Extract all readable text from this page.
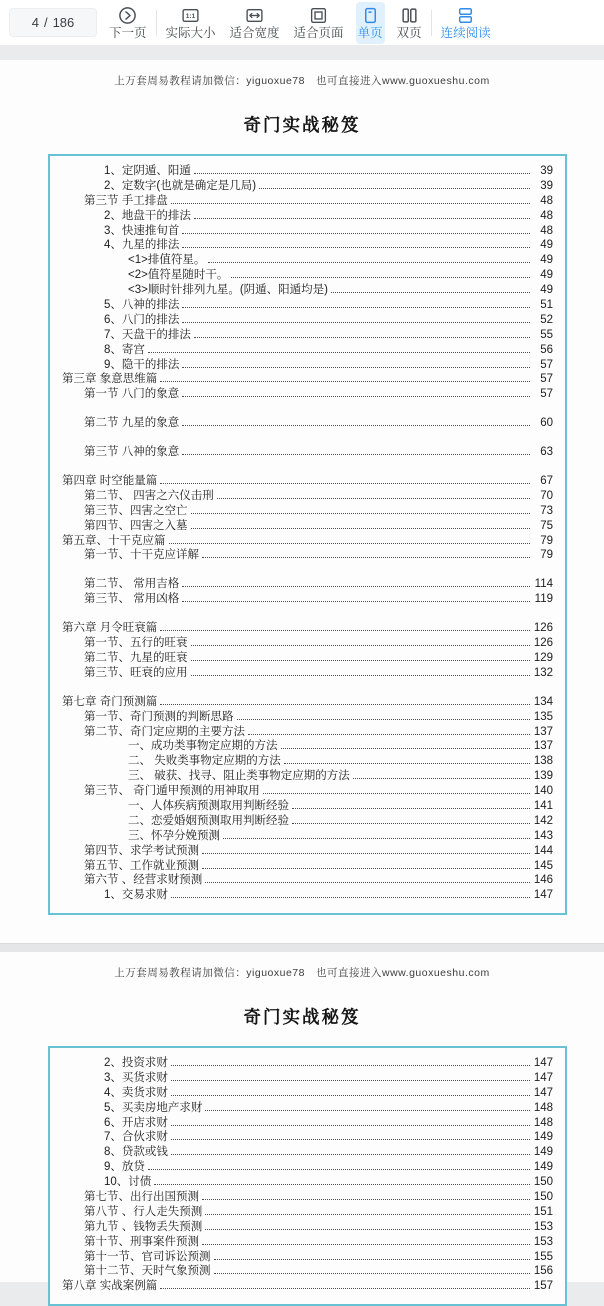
4 / 186
下一页
1:1
实际大小 适合宽度 适合页面 单页 双页 连续阅读
上万套周易教程请加微信：yiguoxue78　也可直接进入www.guoxueshu.com
奇门实战秘笈
1、定阴遁、阳遁	39
2、定数字(也就是确定是几局)	39
第三节 手工排盘	48
2、地盘干的排法	48
3、快速推旬首	48
4、九星的排法	49
<1>排值符星。	49
<2>值符星随时干。	49
<3>顺时针排列九星。(阴遁、阳遁均是)	49
5、八神的排法	51
6、八门的排法	52
7、天盘干的排法	55
8、寄宫	56
9、隐干的排法	57
第三章 象意思维篇	57
第一节 八门的象意	57
第二节 九星的象意	60
第三节 八神的象意	63
第四章 时空能量篇	67
第二节、 四害之六仪击刑	70
第三节、四害之空亡	73
第四节、四害之入墓	75
第五章、十干克应篇	79
第一节、十干克应详解	79
第二节、 常用吉格	114
第三节、 常用凶格	119
第六章 月令旺衰篇	126
第一节、五行的旺衰	126
第二节、九星的旺衰	129
第三节、旺衰的应用	132
第七章 奇门预测篇	134
第一节、奇门预测的判断思路	135
第二节、奇门定应期的主要方法	137
一、成功类事物定应期的方法	137
二、 失败类事物定应期的方法	138
三、 破获、找寻、阻止类事物定应期的方法	139
第三节、 奇门遁甲预测的用神取用	140
一、人体疾病预测取用判断经验	141
二、恋爱婚姻预测取用判断经验	142
三、怀孕分娩预测	143
第四节、求学考试预测	144
第五节、工作就业预测	145
第六节 、经营求财预测	146
1、交易求财	147
上万套周易教程请加微信：yiguoxue78　也可直接进入www.guoxueshu.com
奇门实战秘笈
2、投资求财	147
3、买货求财	147
4、卖货求财	147
5、买卖房地产求财	148
6、开店求财	148
7、合伙求财	149
8、贷款或钱	149
9、放贷	149
10、讨债	150
第七节、出行出国预测	150
第八节 、行人走失预测	151
第九节 、钱物丢失预测	153
第十节、刑事案件预测	153
第十一节、官司诉讼预测	155
第十二节、天时气象预测	156
第八章 实战案例篇	157
